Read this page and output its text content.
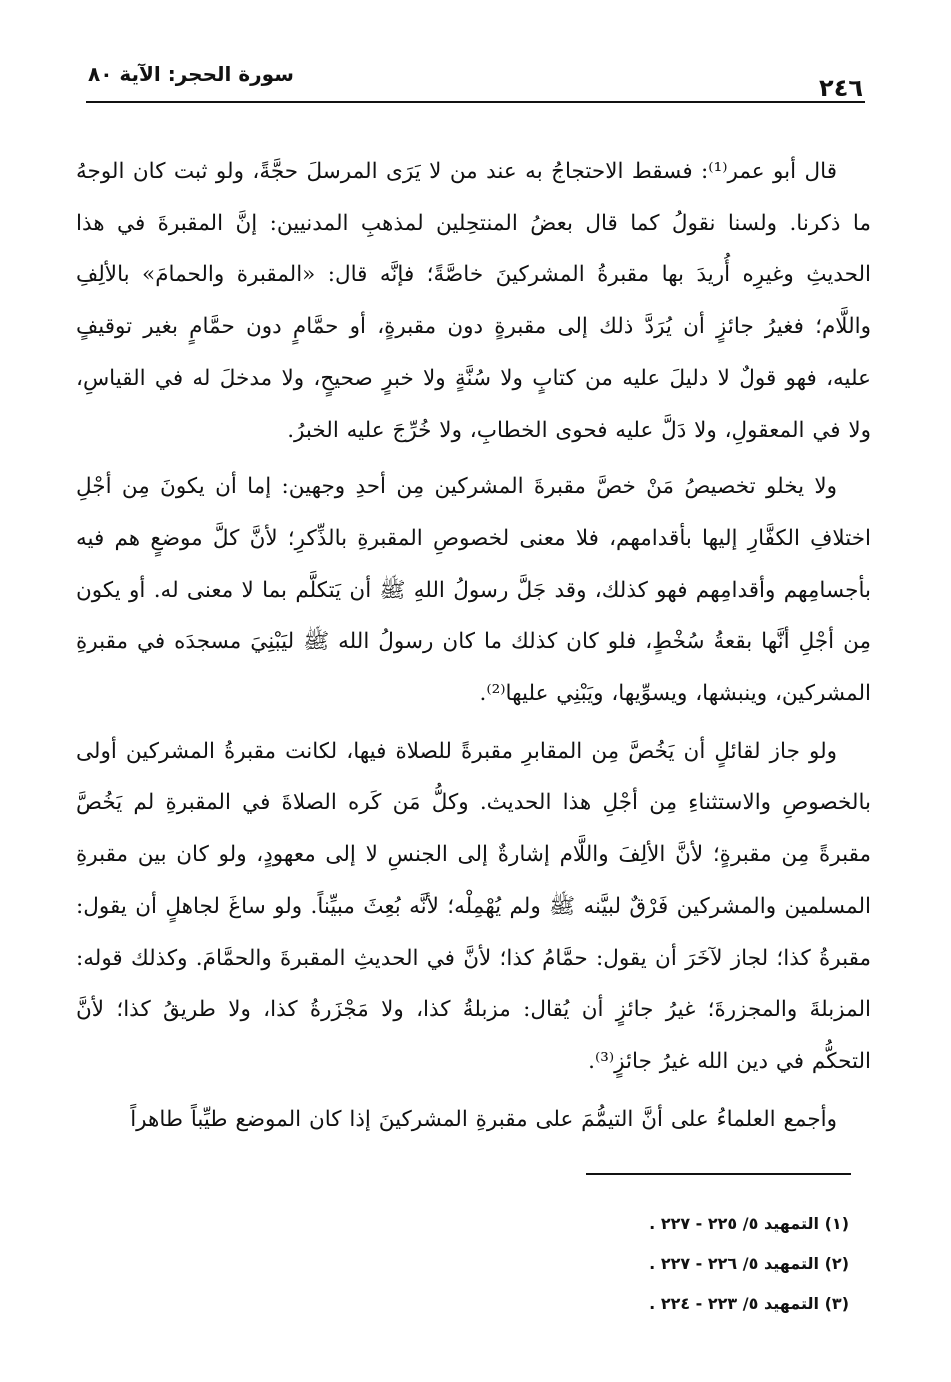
٢٤٦
سورة الحجر: الآية ٨٠

قال أبو عمر⁽¹⁾: فسقط الاحتجاجُ به عند من لا يَرَى المرسلَ حجَّةً، ولو ثبت كان الوجهُ ما ذكرنا. ولسنا نقولُ كما قال بعضُ المنتحِلين لمذهبِ المدنيين: إنَّ المقبرةَ في هذا الحديثِ وغيرِه أُريدَ بها مقبرةُ المشركينَ خاصَّةً؛ فإنَّه قال: «المقبرة والحمامَ» بالألِفِ واللَّام؛ فغيرُ جائزٍ أن يُرَدَّ ذلك إلى مقبرةٍ دون مقبرةٍ، أو حمَّامٍ دون حمَّامٍ بغير توقيفٍ عليه، فهو قولٌ لا دليلَ عليه من كتابٍ ولا سُنَّةٍ ولا خبرٍ صحيحٍ، ولا مدخلَ له في القياسِ، ولا في المعقولِ، ولا دَلَّ عليه فحوى الخطابِ، ولا خُرِّجَ عليه الخبرُ.

ولا يخلو تخصيصُ مَنْ خصَّ مقبرةَ المشركين مِن أحدِ وجهين: إما أن يكونَ مِن أجْلِ اختلافِ الكفَّارِ إليها بأقدامهم، فلا معنى لخصوصِ المقبرةِ بالذِّكرِ؛ لأنَّ كلَّ موضعٍ هم فيه بأجسامِهم وأقدامِهم فهو كذلك، وقد جَلَّ رسولُ اللهِ ﷺ أن يَتكلَّم بما لا معنى له. أو يكون مِن أجْلِ أنَّها بقعةُ سُخْطٍ، فلو كان كذلك ما كان رسولُ الله ﷺ ليَبْنِيَ مسجدَه في مقبرةِ المشركين، وينبشها، ويسوِّيها، ويَبْنِي عليها⁽²⁾.

ولو جاز لقائلٍ أن يَخُصَّ مِن المقابرِ مقبرةً للصلاة فيها، لكانت مقبرةُ المشركين أولى بالخصوصِ والاستثناءِ مِن أجْلِ هذا الحديث. وكلُّ مَن كَره الصلاةَ في المقبرةِ لم يَخُصَّ مقبرةً مِن مقبرةٍ؛ لأنَّ الألِفَ واللَّام إشارةٌ إلى الجنسِ لا إلى معهودٍ، ولو كان بين مقبرةِ المسلمين والمشركين فَرْقٌ لبيَّنه ﷺ ولم يُهْمِلْه؛ لأنَّه بُعِثَ مبيِّناً. ولو ساغَ لجاهلٍ أن يقول: مقبرةُ كذا؛ لجاز لآخَرَ أن يقول: حمَّامُ كذا؛ لأنَّ في الحديثِ المقبرةَ والحمَّامَ. وكذلك قوله: المزبلةَ والمجزرةَ؛ غيرُ جائزٍ أن يُقال: مزبلةُ كذا، ولا مَجْزَرةُ كذا، ولا طريقُ كذا؛ لأنَّ التحكُّم في دين الله غيرُ جائزٍ⁽³⁾.

وأجمع العلماءُ على أنَّ التيمُّمَ على مقبرةِ المشركينَ إذا كان الموضع طيِّباً طاهراً

(١) التمهيد ٥/ ٢٢٥ - ٢٢٧ .

(٢) التمهيد ٥/ ٢٢٦ - ٢٢٧ .

(٣) التمهيد ٥/ ٢٢٣ - ٢٢٤ .
